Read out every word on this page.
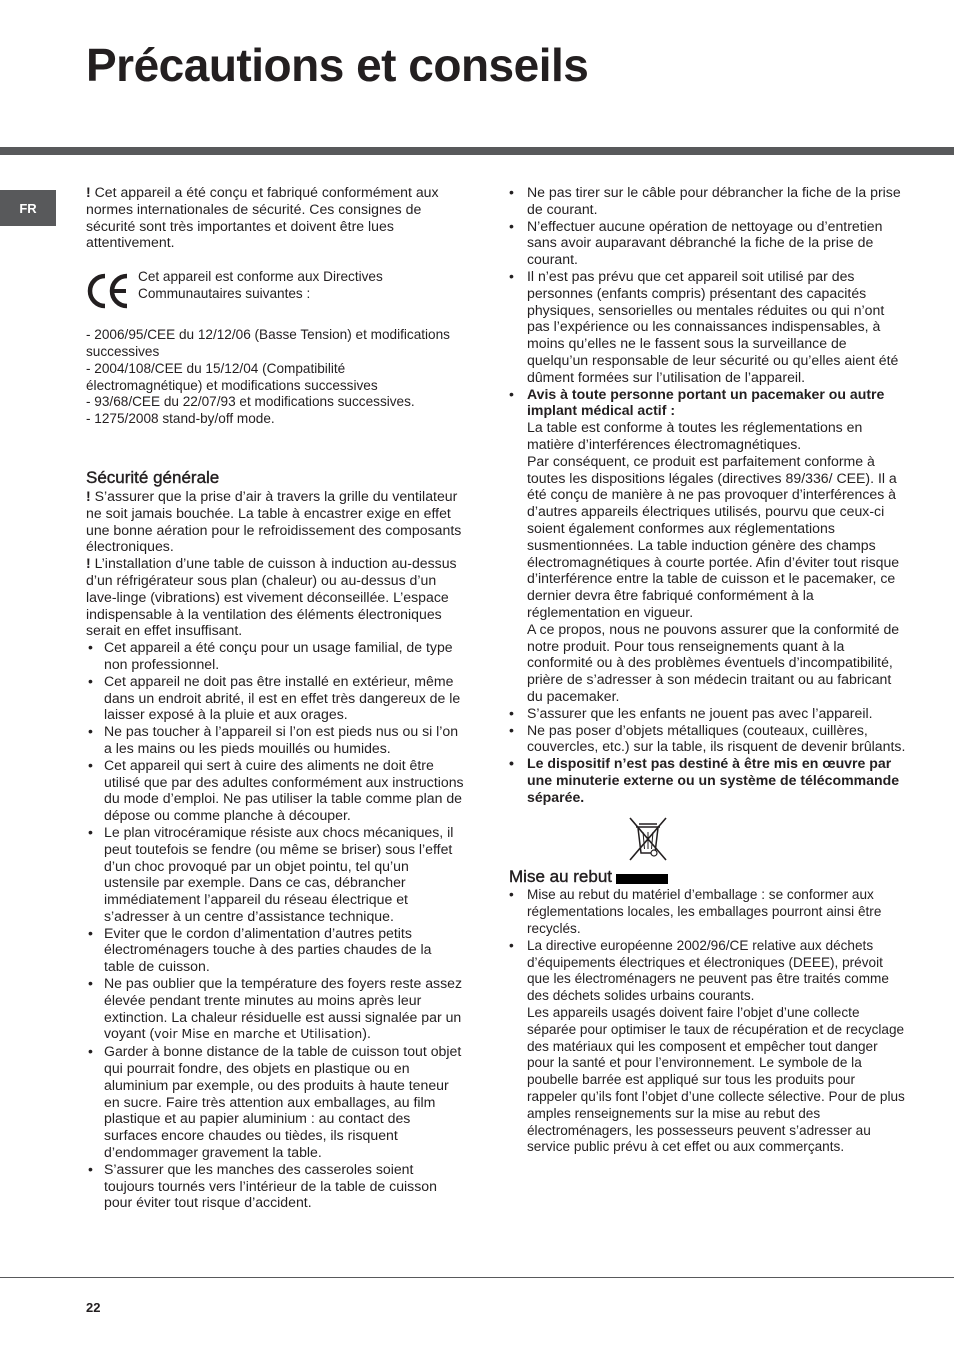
Précautions et conseils
FR

! Cet appareil a été conçu et fabriqué conformément aux normes internationales de sécurité. Ces consignes de sécurité sont très importantes et doivent être lues attentivement.

Cet appareil est conforme aux Directives Communautaires suivantes :

- 2006/95/CEE du 12/12/06 (Basse Tension) et modifications successives

- 2004/108/CEE du 15/12/04 (Compatibilité électromagnétique) et modifications successives

- 93/68/CEE du 22/07/93 et modifications successives.

- 1275/2008 stand-by/off mode.

Sécurité générale

! S’assurer que la prise d’air à travers la grille du ventilateur ne soit jamais bouchée. La table à encastrer exige en effet une bonne aération pour le refroidissement des composants électroniques.

! L’installation d’une table de cuisson à induction au-dessus d’un réfrigérateur sous plan (chaleur) ou au-dessus d’un lave-linge (vibrations) est vivement déconseillée. L’espace indispensable à la ventilation des éléments électroniques serait en effet insuffisant.

• Cet appareil a été conçu pour un usage familial, de type non professionnel.
• Cet appareil ne doit pas être installé en extérieur, même dans un endroit abrité, il est en effet très dangereux de le laisser exposé à la pluie et aux orages.
• Ne pas toucher à l’appareil si l’on est pieds nus ou si l’on a les mains ou les pieds mouillés ou humides.
• Cet appareil qui sert à cuire des aliments ne doit être utilisé que par des adultes conformément aux instructions du mode d’emploi. Ne pas utiliser la table comme plan de dépose ou comme planche à découper.
• Le plan vitrocéramique résiste aux chocs mécaniques, il peut toutefois se fendre (ou même se briser) sous l’effet d’un choc provoqué par un objet pointu, tel qu’un ustensile par exemple. Dans ce cas, débrancher immédiatement l’appareil du réseau électrique et s’adresser à un centre d’assistance technique.
• Eviter que le cordon d’alimentation d’autres petits électroménagers touche à des parties chaudes de la table de cuisson.
• Ne pas oublier que la température des foyers reste assez élevée pendant trente minutes au moins après leur extinction. La chaleur résiduelle est aussi signalée par un voyant (voir Mise en marche et Utilisation).
• Garder à bonne distance de la table de cuisson tout objet qui pourrait fondre, des objets en plastique ou en aluminium par exemple, ou des produits à haute teneur en sucre. Faire très attention aux emballages, au film plastique et au papier aluminium : au contact des surfaces encore chaudes ou tièdes, ils risquent d’endommager gravement la table.
• S’assurer que les manches des casseroles soient toujours tournés vers l’intérieur de la table de cuisson pour éviter tout risque d’accident.
• Ne pas tirer sur le câble pour débrancher la fiche de la prise de courant.
• N’effectuer aucune opération de nettoyage ou d’entretien sans avoir auparavant débranché la fiche de la prise de courant.
• Il n’est pas prévu que cet appareil soit utilisé par des personnes (enfants compris) présentant des capacités physiques, sensorielles ou mentales réduites ou qui n’ont pas l’expérience ou les connaissances indispensables, à moins qu’elles ne le fassent sous la surveillance de quelqu’un responsable de leur sécurité ou qu’elles aient été dûment formées sur l’utilisation de l’appareil.

• Avis à toute personne portant un pacemaker ou autre implant médical actif :

La table est conforme à toutes les réglementations en matière d’interférences électromagnétiques.

Par conséquent, ce produit est parfaitement conforme à toutes les dispositions légales (directives 89/336/ CEE). Il a été conçu de manière à ne pas provoquer d’interférences à d’autres appareils électriques utilisés, pourvu que ceux-ci soient également conformes aux réglementations susmentionnées. La table induction génère des champs électromagnétiques à courte portée. Afin d’éviter tout risque d’interférence entre la table de cuisson et le pacemaker, ce dernier devra être fabriqué conformément à la réglementation en vigueur.

A ce propos, nous ne pouvons assurer que la conformité de notre produit. Pour tous renseignements quant à la conformité ou à des problèmes éventuels d’incompatibilité, prière de s’adresser à son médecin traitant ou au fabricant du pacemaker.

• S’assurer que les enfants ne jouent pas avec l’appareil.
• Ne pas poser d’objets métalliques (couteaux, cuillères, couvercles, etc.) sur la table, ils risquent de devenir brûlants.
• Le dispositif n’est pas destiné à être mis en œuvre par une minuterie externe ou un système de télécommande séparée.
Mise au rebut
• Mise au rebut du matériel d’emballage : se conformer aux réglementations locales, les emballages pourront ainsi être recyclés.

• La directive européenne 2002/96/CE relative aux déchets d’équipements électriques et électroniques (DEEE), prévoit que les électroménagers ne peuvent pas être traités comme des déchets solides urbains courants.

Les appareils usagés doivent faire l’objet d’une collecte séparée pour optimiser le taux de récupération et de recyclage des matériaux qui les composent et empêcher tout danger pour la santé et pour l’environnement. Le symbole de la poubelle barrée est appliqué sur tous les produits pour rappeler qu’ils font l’objet d’une collecte sélective. Pour de plus amples renseignements sur la mise au rebut des électroménagers, les possesseurs peuvent s’adresser au service public prévu à cet effet ou aux commerçants.

22
